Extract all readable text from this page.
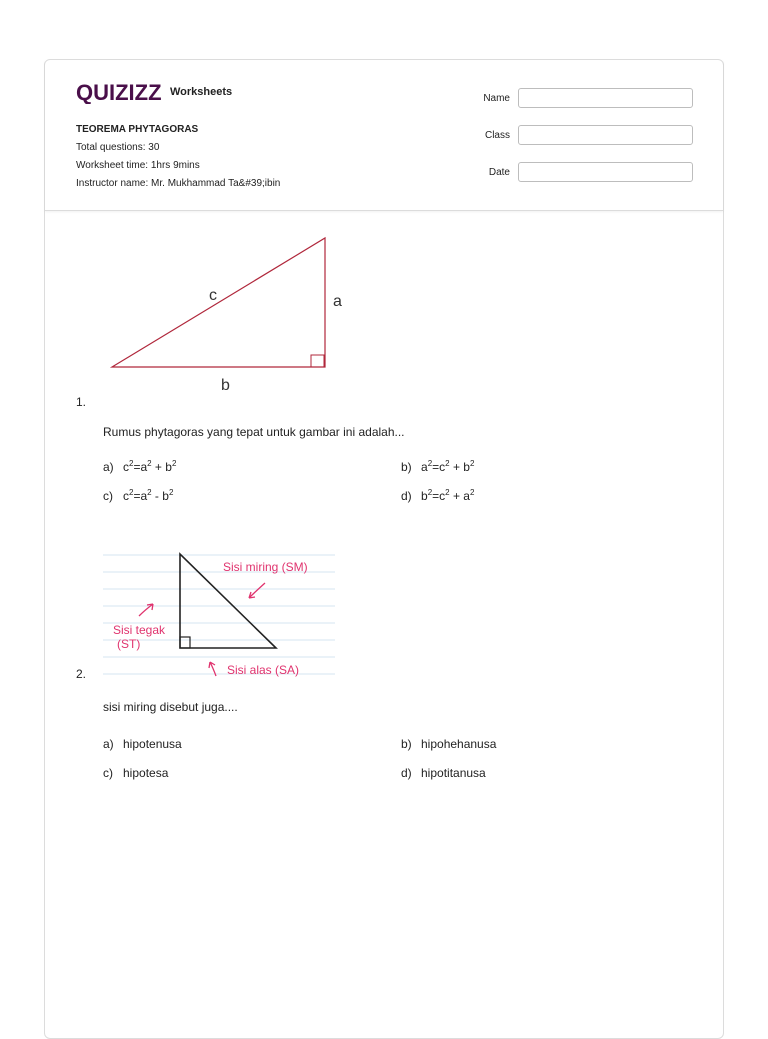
QUIZIZZ Worksheets
TEOREMA PHYTAGORAS
Total questions: 30
Worksheet time: 1hrs 9mins
Instructor name: Mr. Mukhammad Ta&#39;ibin
Name
Class
Date
c	a
b
1.
Rumus phytagoras yang tepat untuk gambar ini adalah...
a) $c^2=a^2 + b^2$	b) $a^2=c^2 + b^2$
c) $c^2=a^2 - b^2$	d) $b^2=c^2 + a^2$
Sisi miring (SM)
Sisi tegak
(ST)
Sisi alas (SA)
2.
sisi miring disebut juga....
a) hipotenusa	b) hipohehanusa
c) hipotesa	d) hipotitanusa
